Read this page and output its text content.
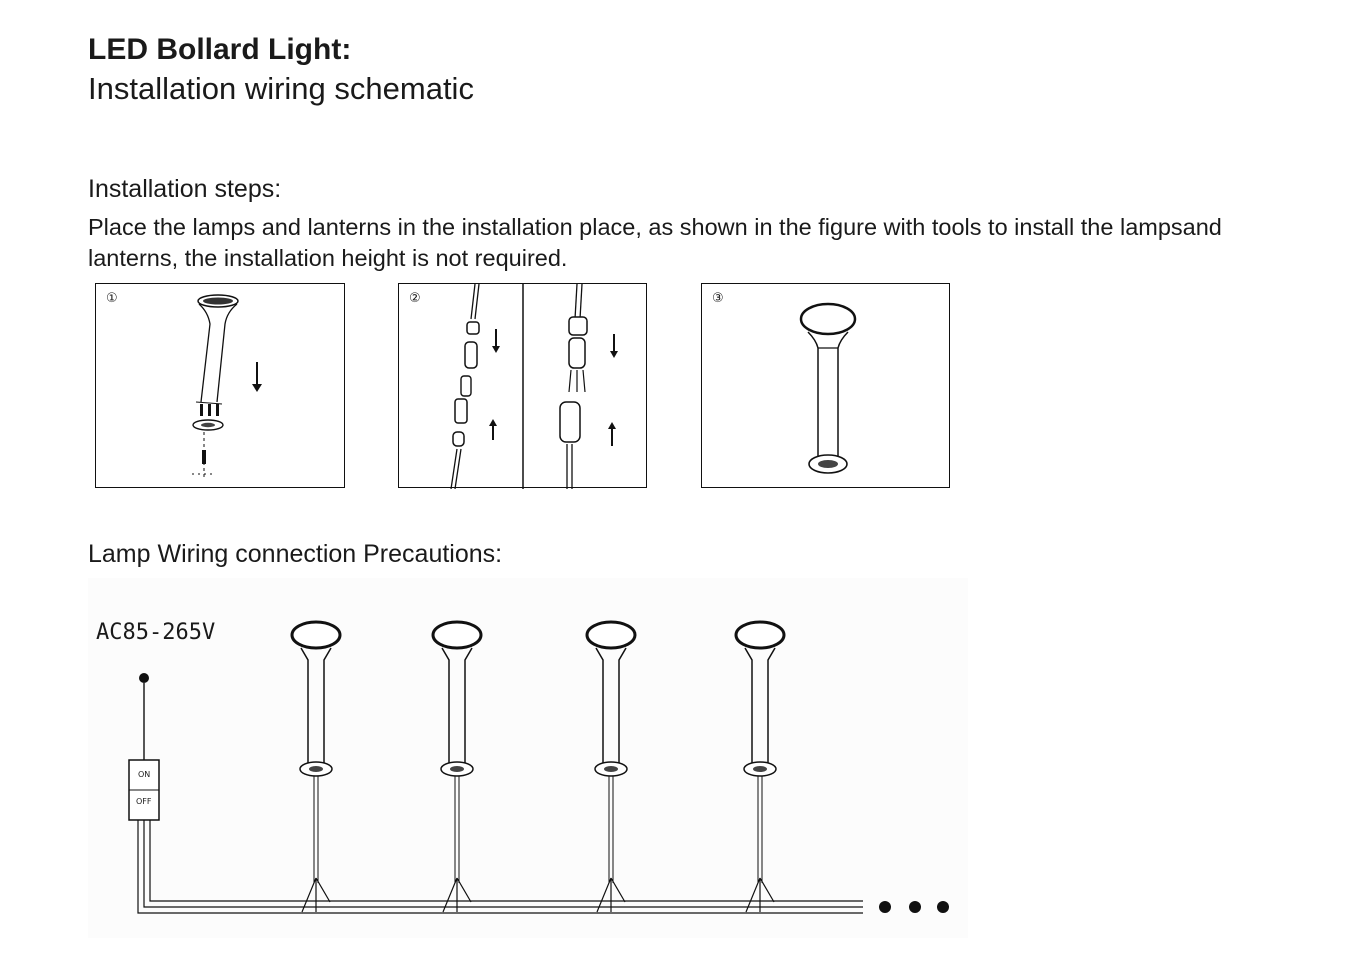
LED Bollard Light:
Installation wiring schematic
Installation steps:
Place the lamps and lanterns in the installation place, as shown in the figure with tools to install the lampsand lanterns, the installation height is not required.
①	②	③
Lamp Wiring connection Precautions:
AC85-265V
ON
OFF
